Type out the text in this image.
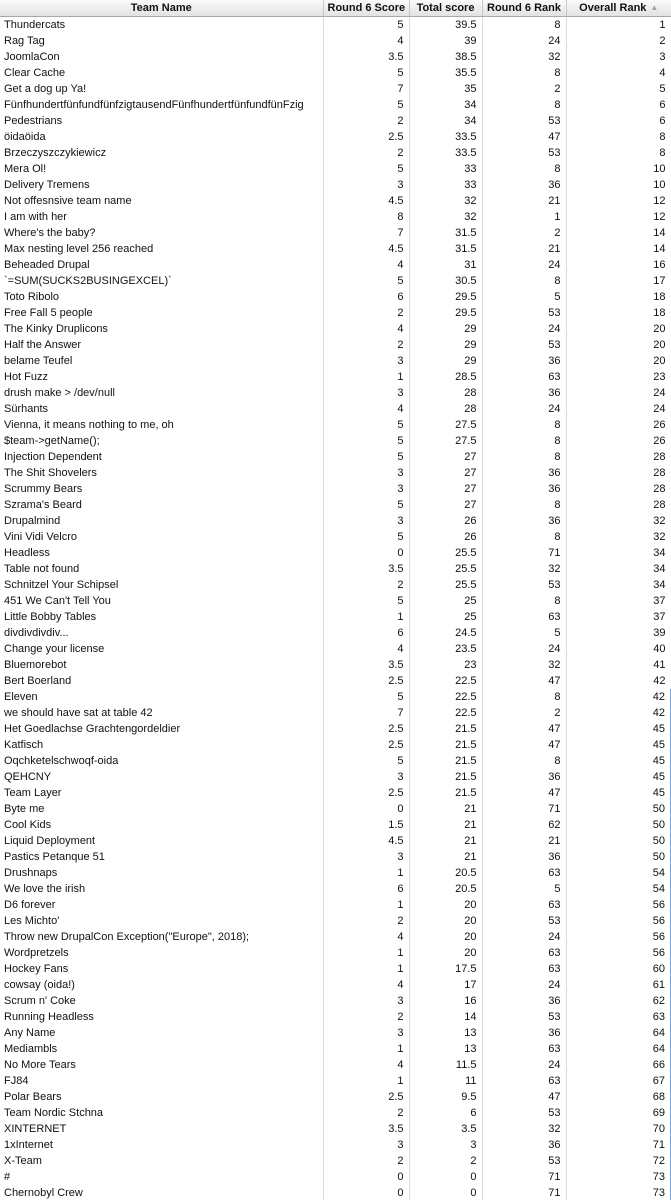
Team Name	Round 6 Score	Total score	Round 6 Rank	Overall Rank ▲
Thundercats	5	39.5	8	1
Rag Tag	4	39	24	2
JoomlaCon	3.5	38.5	32	3
Clear Cache	5	35.5	8	4
Get a dog up Ya!	7	35	2	5
FünfhundertfünfundfünfzigtausendFünfhundertfünfundfünFzig	5	34	8	6
Pedestrians	2	34	53	6
öidaöida	2.5	33.5	47	8
Brzeczyszczykiewicz	2	33.5	53	8
Mera Ol!	5	33	8	10
Delivery Tremens	3	33	36	10
Not offesnsive team name	4.5	32	21	12
I am with her	8	32	1	12
Where's the baby?	7	31.5	2	14
Max nesting level 256 reached	4.5	31.5	21	14
Beheaded Drupal	4	31	24	16
`=SUM(SUCKS2BUSINGEXCEL)`	5	30.5	8	17
Toto Ribolo	6	29.5	5	18
Free Fall 5 people	2	29.5	53	18
The Kinky Druplicons	4	29	24	20
Half the Answer	2	29	53	20
belame Teufel	3	29	36	20
Hot Fuzz	1	28.5	63	23
drush make > /dev/null	3	28	36	24
Sürhants	4	28	24	24
Vienna, it means nothing to me, oh	5	27.5	8	26
$team->getName();	5	27.5	8	26
Injection Dependent	5	27	8	28
The Shit Shovelers	3	27	36	28
Scrummy Bears	3	27	36	28
Szrama's Beard	5	27	8	28
Drupalmind	3	26	36	32
Vini Vidi Velcro	5	26	8	32
Headless	0	25.5	71	34
Table not found	3.5	25.5	32	34
Schnitzel Your Schipsel	2	25.5	53	34
451 We Can't Tell You	5	25	8	37
Little Bobby Tables	1	25	63	37
divdivdivdiv...	6	24.5	5	39
Change your license	4	23.5	24	40
Bluemorebot	3.5	23	32	41
Bert Boerland	2.5	22.5	47	42
Eleven	5	22.5	8	42
we should have sat at table 42	7	22.5	2	42
Het Goedlachse Grachtengordeldier	2.5	21.5	47	45
Katfisch	2.5	21.5	47	45
Oqchketelschwoqf-oida	5	21.5	8	45
QEHCNY	3	21.5	36	45
Team Layer	2.5	21.5	47	45
Byte me	0	21	71	50
Cool Kids	1.5	21	62	50
Liquid Deployment	4.5	21	21	50
Pastics Petanque 51	3	21	36	50
Drushnaps	1	20.5	63	54
We love the irish	6	20.5	5	54
D6 forever	1	20	63	56
Les Michto'	2	20	53	56
Throw new DrupalCon Exception("Europe", 2018);	4	20	24	56
Wordpretzels	1	20	63	56
Hockey Fans	1	17.5	63	60
cowsay (oida!)	4	17	24	61
Scrum n' Coke	3	16	36	62
Running Headless	2	14	53	63
Any Name	3	13	36	64
Mediambls	1	13	63	64
No More Tears	4	11.5	24	66
FJ84	1	11	63	67
Polar Bears	2.5	9.5	47	68
Team Nordic Stchna	2	6	53	69
XINTERNET	3.5	3.5	32	70
1xInternet	3	3	36	71
X-Team	2	2	53	72
#	0	0	71	73
Chernobyl Crew	0	0	71	73
